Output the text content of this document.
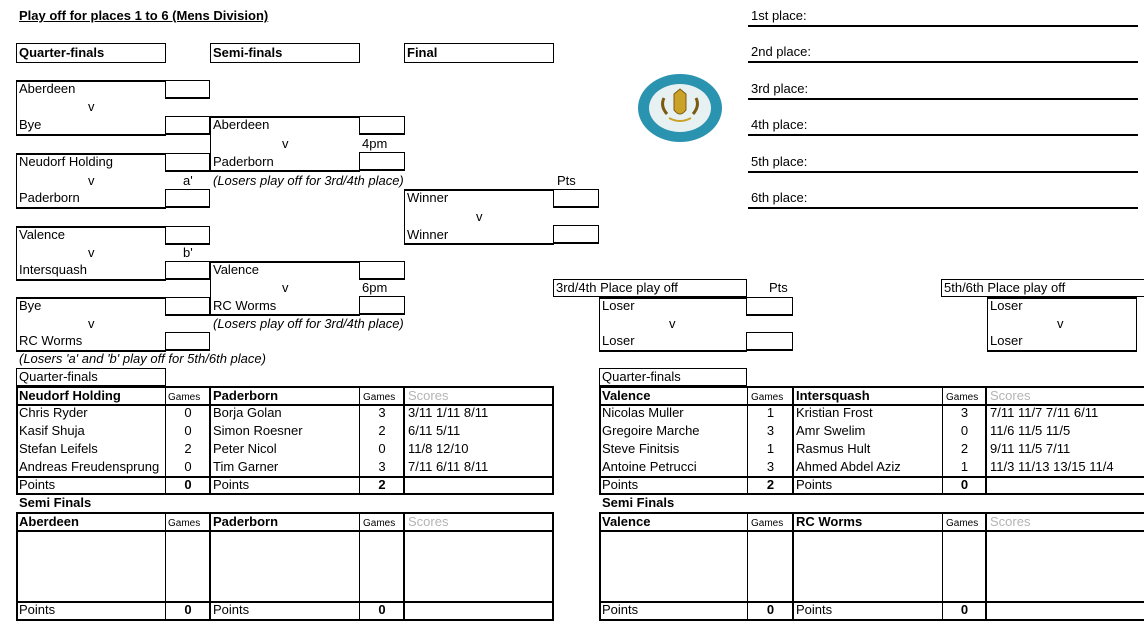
Play off for places 1 to 6 (Mens Division)
Quarter-finals	Semi-finals	Final
1st place:
2nd place:
3rd place:
4th place:
5th place:
6th place:
Aberdeen
v
Bye
Neudorf Holding
v	a'
Paderborn
Aberdeen
v	4pm
Paderborn
(Losers play off for 3rd/4th place)	Pts
Winner
v
Winner
Valence
v	b'
Intersquash	Valence
v	6pm
RC Worms
(Losers play off for 3rd/4th place)
Bye
v
RC Worms
(Losers 'a' and 'b' play off for 5th/6th place)
3rd/4th Place play off	Pts
Loser
v
Loser
5th/6th Place play off
Loser
v
Loser
Quarter-finals
Neudorf Holding	Games Paderborn	Games Scores
Chris Ryder	0	Borja Golan	3	3/11 1/11 8/11
Kasif Shuja	0	Simon Roesner	2	6/11 5/11
Stefan Leifels	2	Peter Nicol	0	11/8 12/10
Andreas Freudensprung	0	Tim Garner	3	7/11 6/11 8/11
Points	0	Points	2
Quarter-finals
Valence	Games Intersquash	Games Scores
Nicolas Muller	1	Kristian Frost	3	7/11 11/7 7/11 6/11
Gregoire Marche	3	Amr Swelim	0	11/6 11/5 11/5
Steve Finitsis	1	Rasmus Hult	2	9/11 11/5 7/11
Antoine Petrucci	3	Ahmed Abdel Aziz	1	11/3 11/13 13/15 11/4
Points	2	Points	0
Semi Finals
Aberdeen	Games Paderborn	Games Scores
Points	0	Points	0
Semi Finals
Valence	Games RC Worms	Games Scores
Points	0	Points	0
